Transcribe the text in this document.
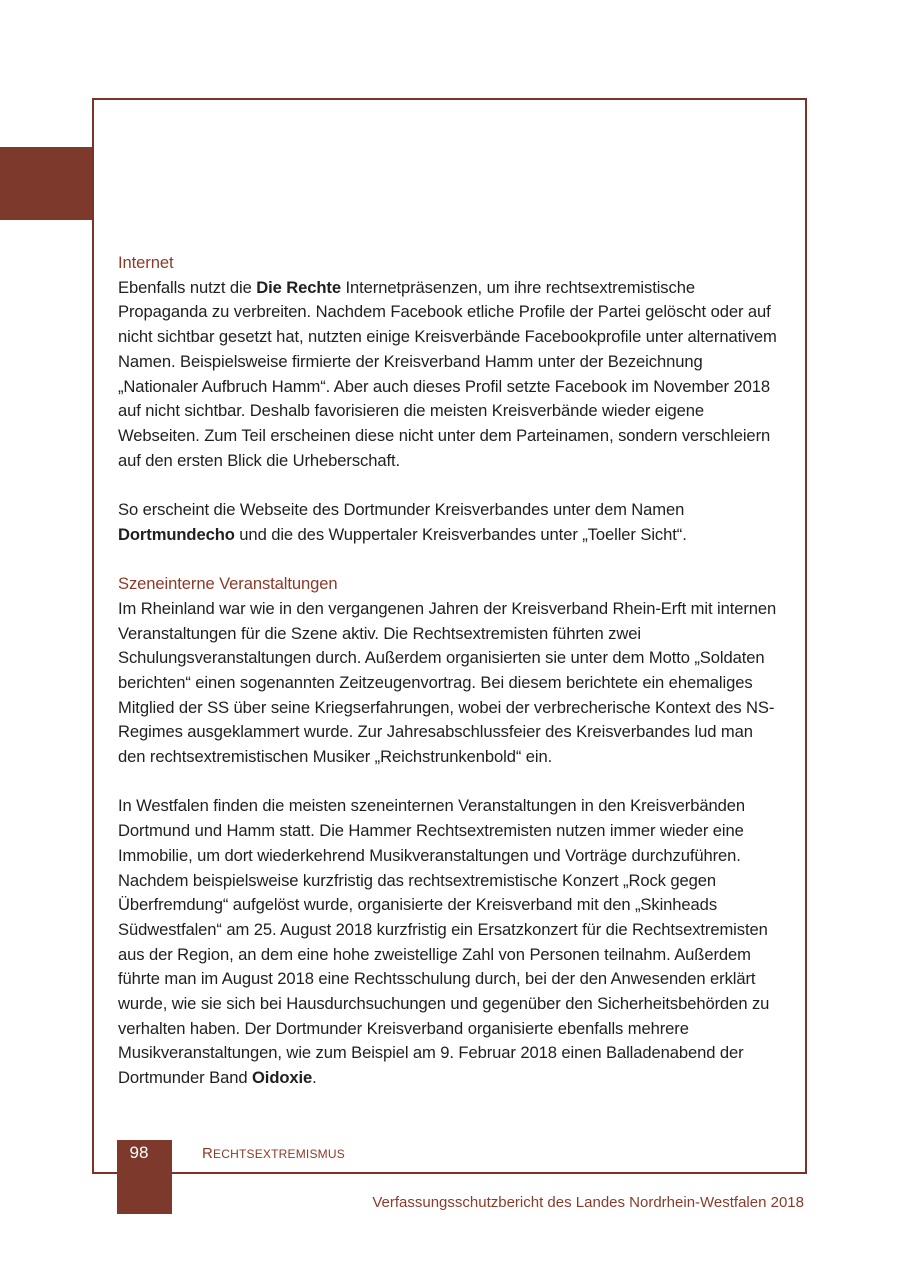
Internet

Ebenfalls nutzt die Die Rechte Internetpräsenzen, um ihre rechtsextremistische Propaganda zu verbreiten. Nachdem Facebook etliche Profile der Partei gelöscht oder auf nicht sichtbar gesetzt hat, nutzten einige Kreisverbände Facebookprofile unter alternativem Namen. Beispielsweise firmierte der Kreisverband Hamm unter der Bezeichnung „Nationaler Aufbruch Hamm“. Aber auch dieses Profil setzte Facebook im November 2018 auf nicht sichtbar. Deshalb favorisieren die meisten Kreisverbände wieder eigene Webseiten. Zum Teil erscheinen diese nicht unter dem Parteinamen, sondern verschleiern auf den ersten Blick die Urheberschaft.

So erscheint die Webseite des Dortmunder Kreisverbandes unter dem Namen Dortmundecho und die des Wuppertaler Kreisverbandes unter „Toeller Sicht“.

Szeneinterne Veranstaltungen

Im Rheinland war wie in den vergangenen Jahren der Kreisverband Rhein-Erft mit internen Veranstaltungen für die Szene aktiv. Die Rechtsextremisten führten zwei Schulungsveranstaltungen durch. Außerdem organisierten sie unter dem Motto „Soldaten berichten“ einen sogenannten Zeitzeugenvortrag. Bei diesem berichtete ein ehemaliges Mitglied der SS über seine Kriegserfahrungen, wobei der verbrecherische Kontext des NS-Regimes ausgeklammert wurde. Zur Jahresabschlussfeier des Kreisverbandes lud man den rechtsextremistischen Musiker „Reichstrunkenbold“ ein.

In Westfalen finden die meisten szeneinternen Veranstaltungen in den Kreisverbänden Dortmund und Hamm statt. Die Hammer Rechtsextremisten nutzen immer wieder eine Immobilie, um dort wiederkehrend Musikveranstaltungen und Vorträge durchzuführen. Nachdem beispielsweise kurzfristig das rechtsextremistische Konzert „Rock gegen Überfremdung“ aufgelöst wurde, organisierte der Kreisverband mit den „Skinheads Südwestfalen“ am 25. August 2018 kurzfristig ein Ersatzkonzert für die Rechtsextremisten aus der Region, an dem eine hohe zweistellige Zahl von Personen teilnahm. Außerdem führte man im August 2018 eine Rechtsschulung durch, bei der den Anwesenden erklärt wurde, wie sie sich bei Hausdurchsuchungen und gegenüber den Sicherheitsbehörden zu verhalten haben. Der Dortmunder Kreisverband organisierte ebenfalls mehrere Musikveranstaltungen, wie zum Beispiel am 9. Februar 2018 einen Balladenabend der Dortmunder Band Oidoxie.

98	RECHTSEXTREMISMUS
Verfassungsschutzbericht des Landes Nordrhein-Westfalen 2018
